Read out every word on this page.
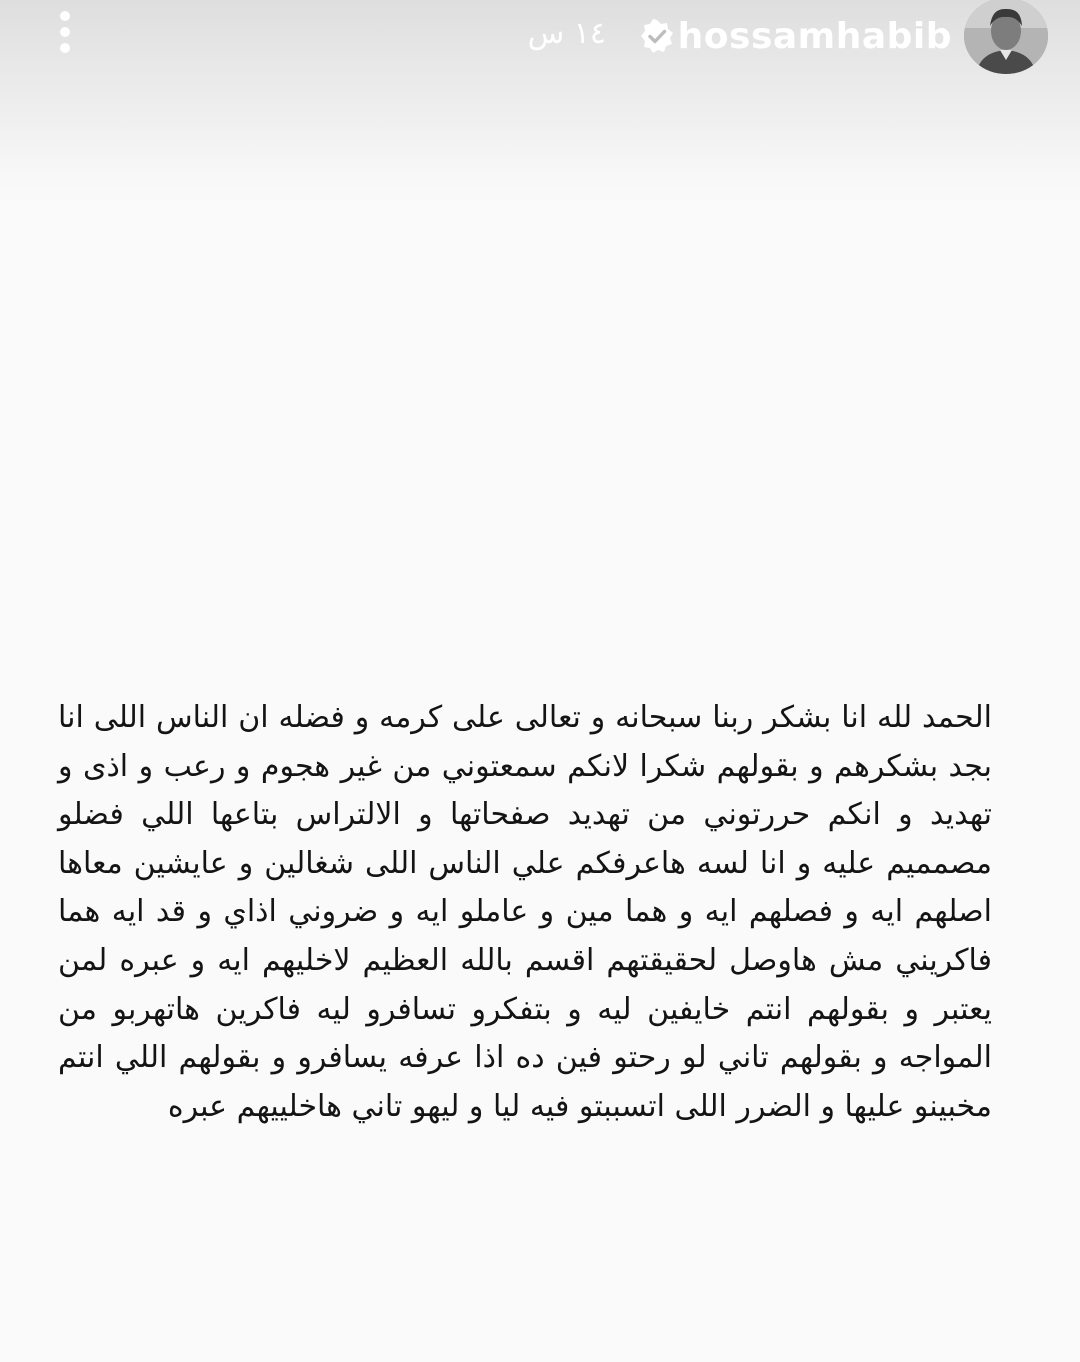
١٤ س hossamhabib
الحمد لله انا بشكر ربنا سبحانه و تعالى على كرمه و فضله ان الناس اللى انا
بجد بشكرهم و بقولهم شكرا لانكم سمعتوني من غير هجوم و رعب و اذى و
تهديد و انكم حررتوني من تهديد صفحاتها و الالتراس بتاعها اللي فضلو
مصمميم عليه و انا لسه هاعرفكم علي الناس اللى شغالين و عايشين معاها
اصلهم ايه و فصلهم ايه و هما مين و عاملو ايه و ضروني اذاي و قد ايه هما
فاكريني مش هاوصل لحقيقتهم اقسم بالله العظيم لاخليهم ايه و عبره لمن
يعتبر و بقولهم انتم خايفين ليه و بتفكرو تسافرو ليه فاكرين هاتهربو من
المواجه و بقولهم تاني لو رحتو فين ده اذا عرفه يسافرو و بقولهم اللي انتم
مخبينو عليها و الضرر اللى اتسببتو فيه ليا و ليهو تاني هاخلييهم عبره
